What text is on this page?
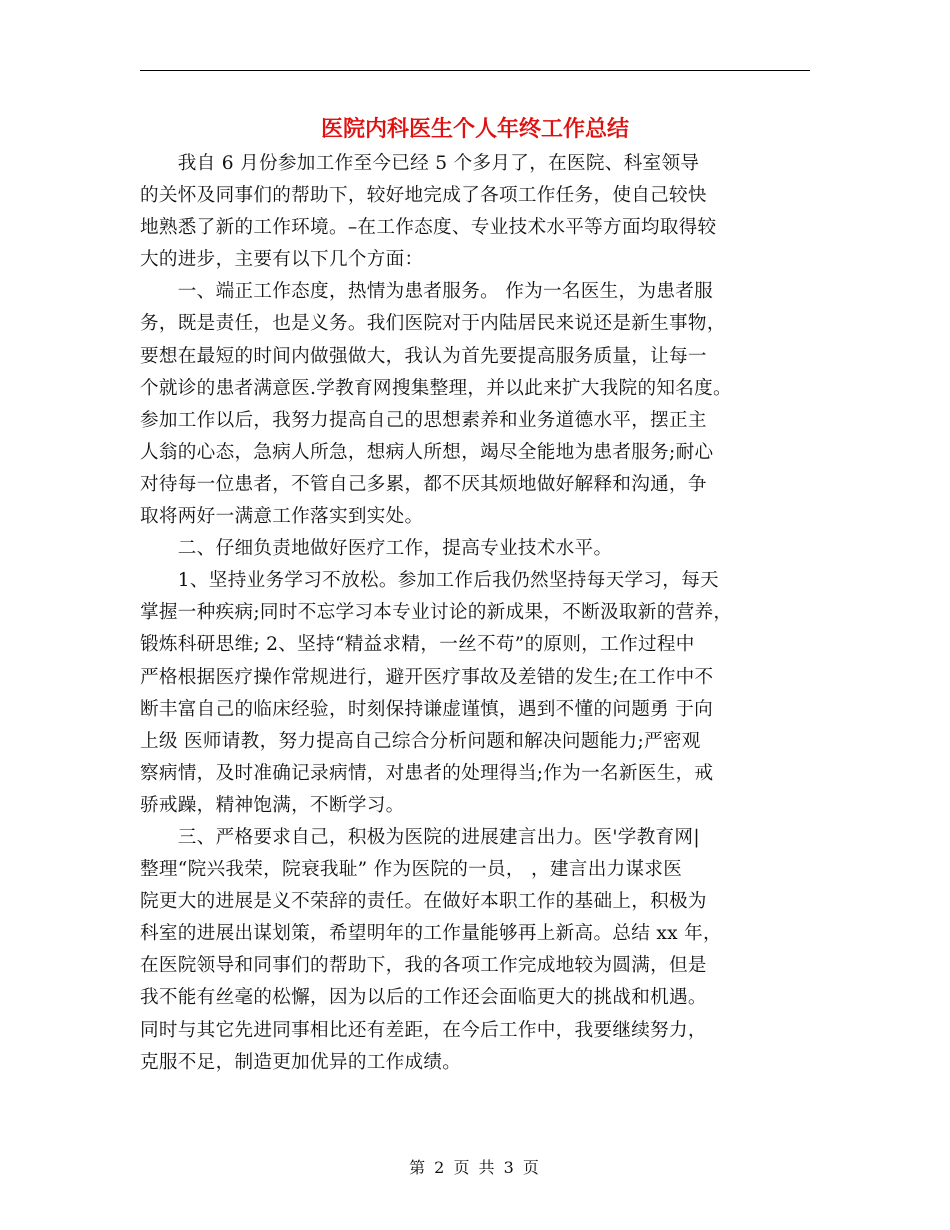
医院内科医生个人年终工作总结
　　我自 6 月份参加工作至今已经 5 个多月了，在医院、科室领导
的关怀及同事们的帮助下，较好地完成了各项工作任务，使自己较快
地熟悉了新的工作环境。–在工作态度、专业技术水平等方面均取得较
大的进步，主要有以下几个方面：
　　一、端正工作态度，热情为患者服务。 作为一名医生，为患者服
务，既是责任，也是义务。我们医院对于内陆居民来说还是新生事物，
要想在最短的时间内做强做大，我认为首先要提高服务质量，让每一
个就诊的患者满意医.学教育网搜集整理，并以此来扩大我院的知名度。
参加工作以后，我努力提高自己的思想素养和业务道德水平，摆正主
人翁的心态，急病人所急，想病人所想，竭尽全能地为患者服务;耐心
对待每一位患者，不管自己多累，都不厌其烦地做好解释和沟通，争
取将两好一满意工作落实到实处。
　　二、仔细负责地做好医疗工作，提高专业技术水平。
　　1、坚持业务学习不放松。参加工作后我仍然坚持每天学习，每天
掌握一种疾病;同时不忘学习本专业讨论的新成果，不断汲取新的营养，
锻炼科研思维; 2、坚持“精益求精，一丝不苟”的原则，工作过程中
严格根据医疗操作常规进行，避开医疗事故及差错的发生;在工作中不
断丰富自己的临床经验，时刻保持谦虚谨慎，遇到不懂的问题勇 于向
上级 医师请教，努力提高自己综合分析问题和解决问题能力;严密观
察病情，及时准确记录病情，对患者的处理得当;作为一名新医生，戒
骄戒躁，精神饱满，不断学习。
　　三、严格要求自己，积极为医院的进展建言出力。医'学教育网|
整理“院兴我荣，院衰我耻” 作为医院的一员， ，建言出力谋求医
院更大的进展是义不荣辞的责任。在做好本职工作的基础上，积极为
科室的进展出谋划策，希望明年的工作量能够再上新高。总结 xx 年，
在医院领导和同事们的帮助下，我的各项工作完成地较为圆满，但是
我不能有丝毫的松懈，因为以后的工作还会面临更大的挑战和机遇。
同时与其它先进同事相比还有差距，在今后工作中，我要继续努力，
克服不足，制造更加优异的工作成绩。
第 2 页 共 3 页
